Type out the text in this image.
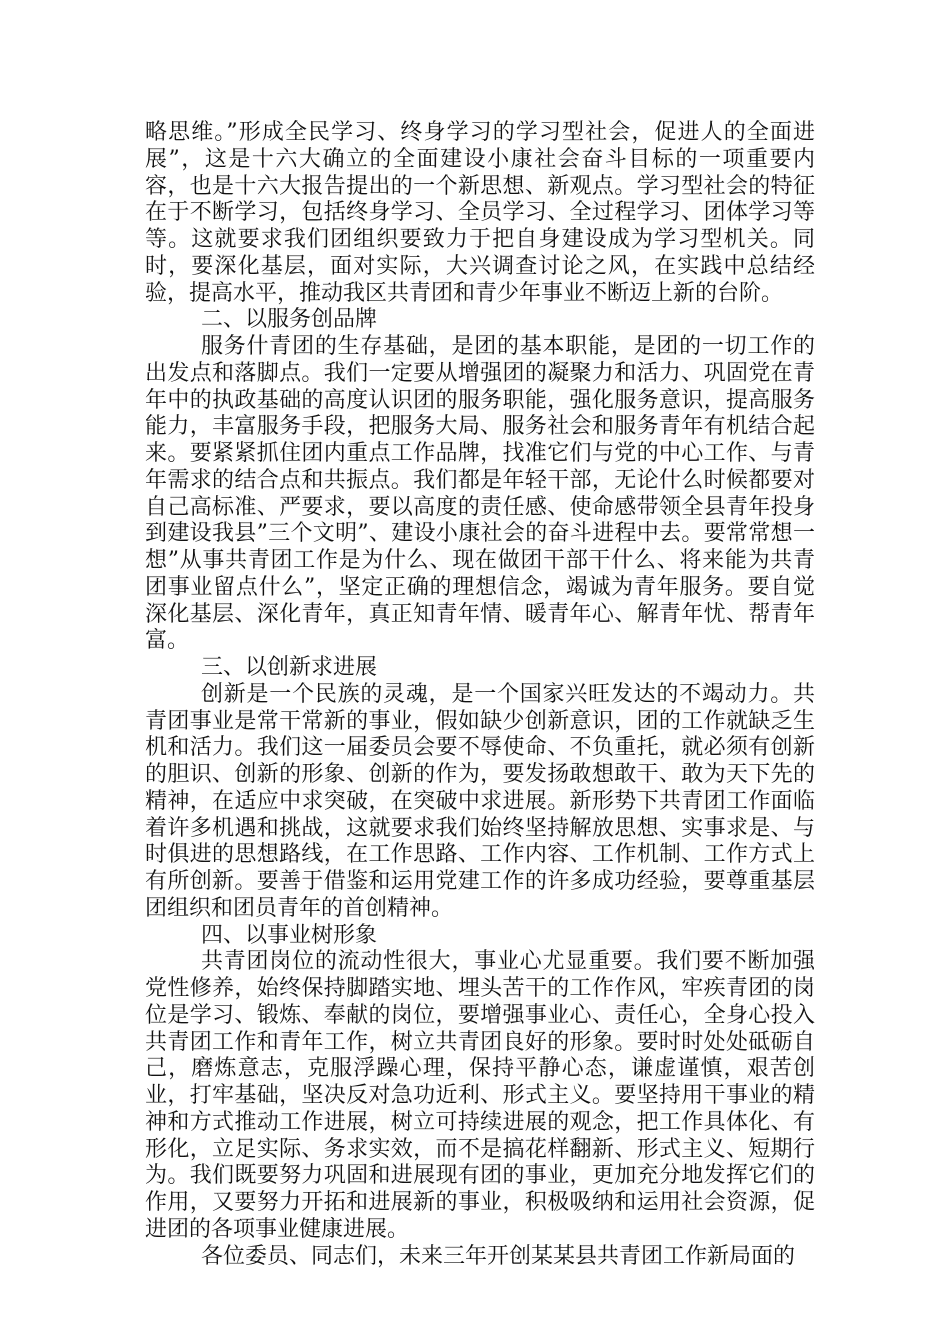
略思维。”形成全民学习、终身学习的学习型社会，促进人的全面进展”，这是十六大确立的全面建设小康社会奋斗目标的一项重要内容，也是十六大报告提出的一个新思想、新观点。学习型社会的特征在于不断学习，包括终身学习、全员学习、全过程学习、团体学习等等。这就要求我们团组织要致力于把自身建设成为学习型机关。同时，要深化基层，面对实际，大兴调查讨论之风，在实践中总结经验，提高水平，推动我区共青团和青少年事业不断迈上新的台阶。

二、以服务创品牌

服务什青团的生存基础，是团的基本职能，是团的一切工作的出发点和落脚点。我们一定要从增强团的凝聚力和活力、巩固党在青年中的执政基础的高度认识团的服务职能，强化服务意识，提高服务能力，丰富服务手段，把服务大局、服务社会和服务青年有机结合起来。要紧紧抓住团内重点工作品牌，找准它们与党的中心工作、与青年需求的结合点和共振点。我们都是年轻干部，无论什么时候都要对自己高标准、严要求，要以高度的责任感、使命感带领全县青年投身到建设我县”三个文明”、建设小康社会的奋斗进程中去。要常常想一想”从事共青团工作是为什么、现在做团干部干什么、将来能为共青团事业留点什么”，坚定正确的理想信念，竭诚为青年服务。要自觉深化基层、深化青年，真正知青年情、暖青年心、解青年忧、帮青年富。

三、以创新求进展

创新是一个民族的灵魂，是一个国家兴旺发达的不竭动力。共青团事业是常干常新的事业，假如缺少创新意识，团的工作就缺乏生机和活力。我们这一届委员会要不辱使命、不负重托，就必须有创新的胆识、创新的形象、创新的作为，要发扬敢想敢干、敢为天下先的精神，在适应中求突破，在突破中求进展。新形势下共青团工作面临着许多机遇和挑战，这就要求我们始终坚持解放思想、实事求是、与时俱进的思想路线，在工作思路、工作内容、工作机制、工作方式上有所创新。要善于借鉴和运用党建工作的许多成功经验，要尊重基层团组织和团员青年的首创精神。

四、以事业树形象

共青团岗位的流动性很大，事业心尤显重要。我们要不断加强党性修养，始终保持脚踏实地、埋头苦干的工作作风，牢疾青团的岗位是学习、锻炼、奉献的岗位，要增强事业心、责任心，全身心投入共青团工作和青年工作，树立共青团良好的形象。要时时处处砥砺自己，磨炼意志，克服浮躁心理，保持平静心态，谦虚谨慎，艰苦创业，打牢基础，坚决反对急功近利、形式主义。要坚持用干事业的精神和方式推动工作进展，树立可持续进展的观念，把工作具体化、有形化，立足实际、务求实效，而不是搞花样翻新、形式主义、短期行为。我们既要努力巩固和进展现有团的事业，更加充分地发挥它们的作用，又要努力开拓和进展新的事业，积极吸纳和运用社会资源，促进团的各项事业健康进展。

各位委员、同志们，未来三年开创某某县共青团工作新局面的
